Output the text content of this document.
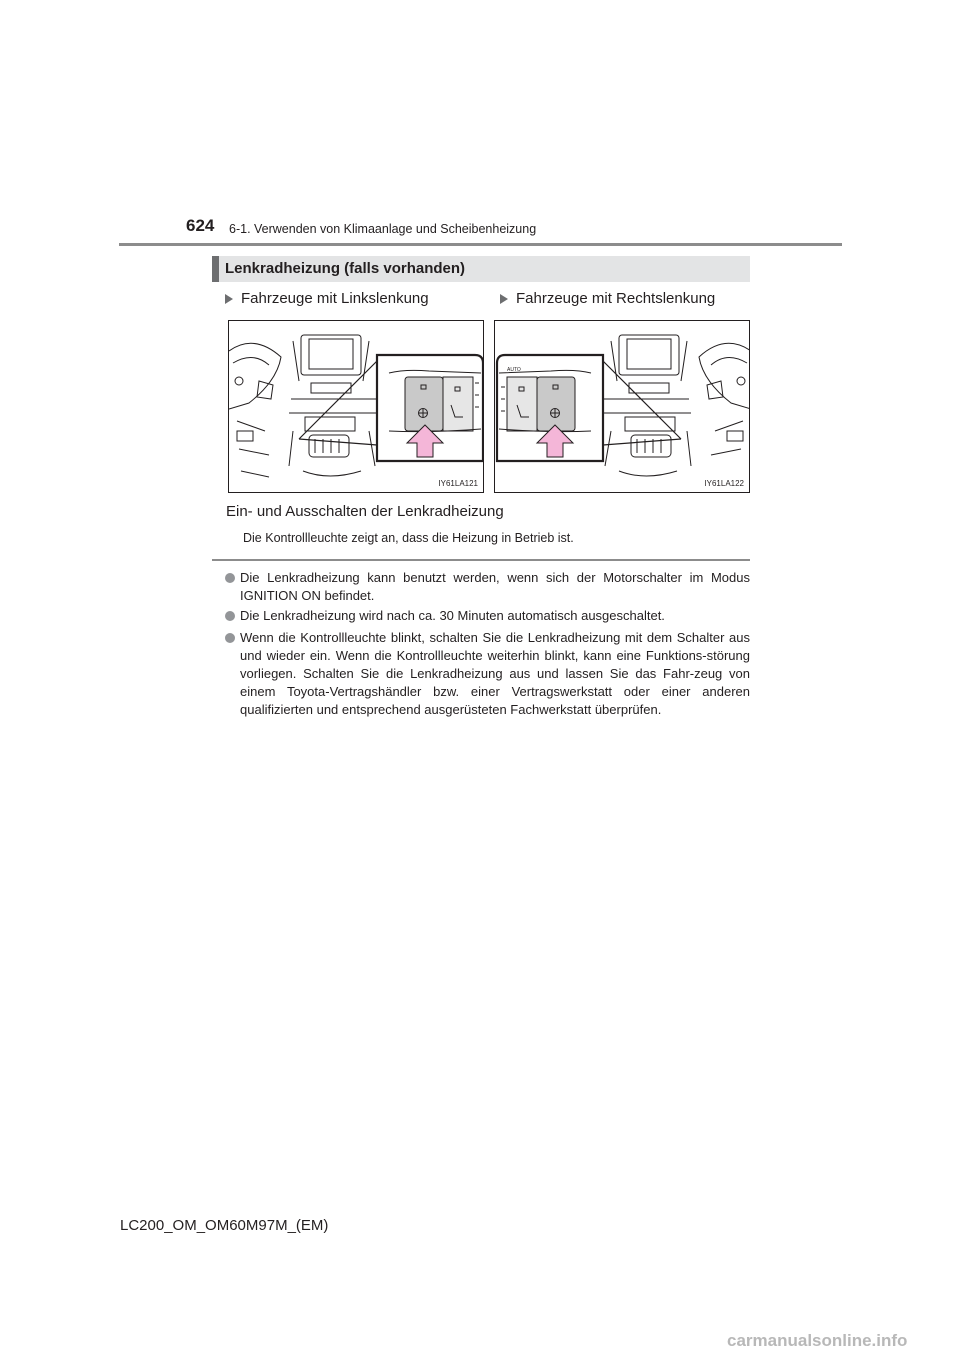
624 6-1. Verwenden von Klimaanlage und Scheibenheizung
Lenkradheizung (falls vorhanden)
Fahrzeuge mit Linkslenkung	Fahrzeuge mit Rechtslenkung
IY61LA121
AUTO
IY61LA122
Ein- und Ausschalten der Lenkradheizung
Die Kontrollleuchte zeigt an, dass die Heizung in Betrieb ist.
Die Lenkradheizung kann benutzt werden, wenn sich der Motorschalter im Modus IGNITION ON befindet.
Die Lenkradheizung wird nach ca. 30 Minuten automatisch ausgeschaltet.
Wenn die Kontrollleuchte blinkt, schalten Sie die Lenkradheizung mit dem Schalter aus und wieder ein. Wenn die Kontrollleuchte weiterhin blinkt, kann eine Funktions-störung vorliegen. Schalten Sie die Lenkradheizung aus und lassen Sie das Fahr-zeug von einem Toyota-Vertragshändler bzw. einer Vertragswerkstatt oder einer anderen qualifizierten und entsprechend ausgerüsteten Fachwerkstatt überprüfen.
LC200_OM_OM60M97M_(EM)
carmanualsonline.info
